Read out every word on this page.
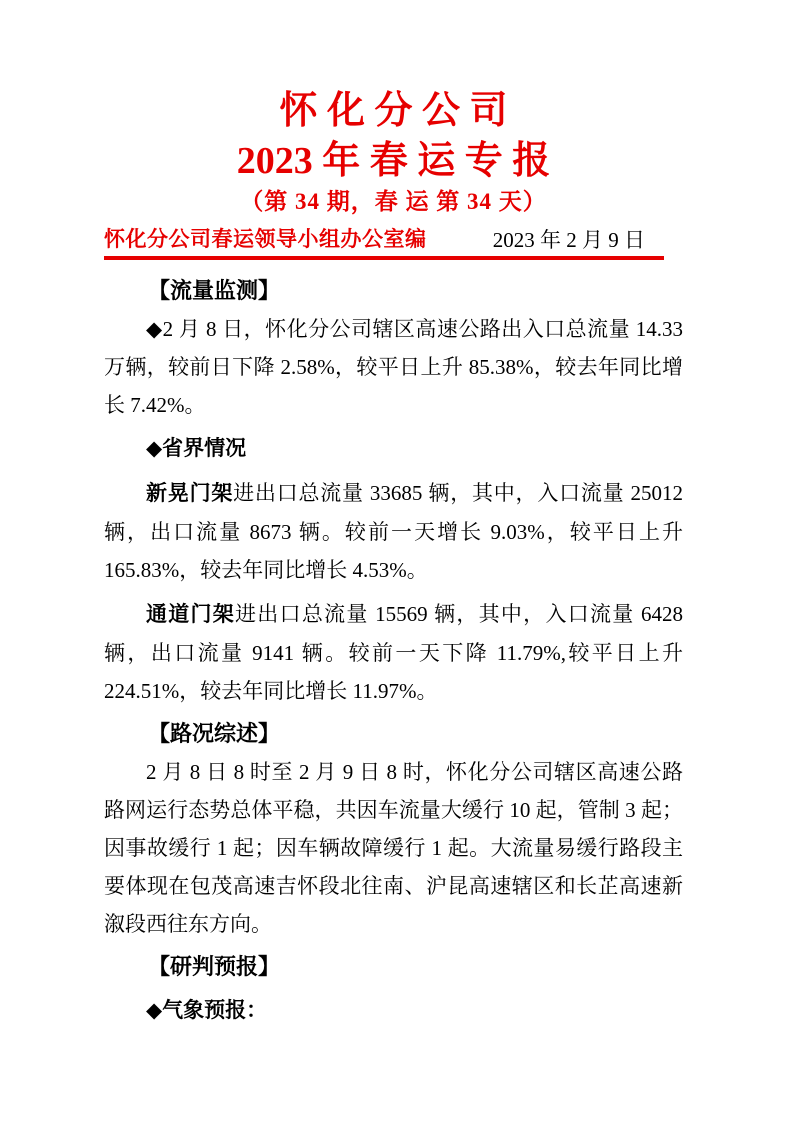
怀 化 分 公 司
2023 年 春 运 专 报
（第 34 期，春 运 第 34 天）
怀化分公司春运领导小组办公室编	2023 年 2 月 9 日
【流量监测】

◆2 月 8 日，怀化分公司辖区高速公路出入口总流量 14.33 万辆，较前日下降 2.58%，较平日上升 85.38%，较去年同比增长 7.42%。

◆省界情况

新晃门架进出口总流量 33685 辆，其中，入口流量 25012 辆，出口流量 8673 辆。较前一天增长 9.03%，较平日上升 165.83%，较去年同比增长 4.53%。

通道门架进出口总流量 15569 辆，其中，入口流量 6428 辆，出口流量 9141 辆。较前一天下降 11.79%,较平日上升 224.51%，较去年同比增长 11.97%。

【路况综述】

2 月 8 日 8 时至 2 月 9 日 8 时，怀化分公司辖区高速公路路网运行态势总体平稳，共因车流量大缓行 10 起，管制 3 起；因事故缓行 1 起；因车辆故障缓行 1 起。大流量易缓行路段主要体现在包茂高速吉怀段北往南、沪昆高速辖区和长芷高速新溆段西往东方向。

【研判预报】
◆气象预报：
